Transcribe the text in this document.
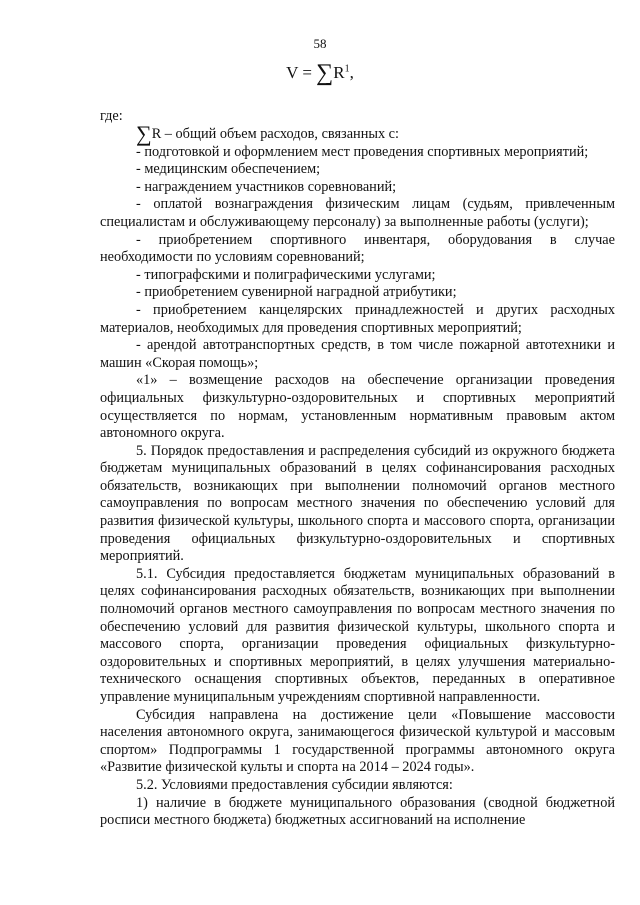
58
$V = \sum R^1$,
где:

∑R – общий объем расходов, связанных с:

- подготовкой и оформлением мест проведения спортивных мероприятий;

- медицинским обеспечением;

- награждением участников соревнований;

- оплатой вознаграждения физическим лицам (судьям, привлеченным специалистам и обслуживающему персоналу) за выполненные работы (услуги);

- приобретением спортивного инвентаря, оборудования в случае необходимости по условиям соревнований;

- типографскими и полиграфическими услугами;

- приобретением сувенирной наградной атрибутики;

- приобретением канцелярских принадлежностей и других расходных материалов, необходимых для проведения спортивных мероприятий;

- арендой автотранспортных средств, в том числе пожарной автотехники и машин «Скорая помощь»;

«1» – возмещение расходов на обеспечение организации проведения официальных физкультурно-оздоровительных и спортивных мероприятий осуществляется по нормам, установленным нормативным правовым актом автономного округа.

5. Порядок предоставления и распределения субсидий из окружного бюджета бюджетам муниципальных образований в целях софинансирования расходных обязательств, возникающих при выполнении полномочий органов местного самоуправления по вопросам местного значения по обеспечению условий для развития физической культуры, школьного спорта и массового спорта, организации проведения официальных физкультурно-оздоровительных и спортивных мероприятий.

5.1. Субсидия предоставляется бюджетам муниципальных образований в целях софинансирования расходных обязательств, возникающих при выполнении полномочий органов местного самоуправления по вопросам местного значения по обеспечению условий для развития физической культуры, школьного спорта и массового спорта, организации проведения официальных физкультурно-оздоровительных и спортивных мероприятий, в целях улучшения материально-технического оснащения спортивных объектов, переданных в оперативное управление муниципальным учреждениям спортивной направленности.

Субсидия направлена на достижение цели «Повышение массовости населения автономного округа, занимающегося физической культурой и массовым спортом» Подпрограммы 1 государственной программы автономного округа «Развитие физической культы и спорта на 2014 – 2024 годы».

5.2. Условиями предоставления субсидии являются:

1) наличие в бюджете муниципального образования (сводной бюджетной росписи местного бюджета) бюджетных ассигнований на исполнение
